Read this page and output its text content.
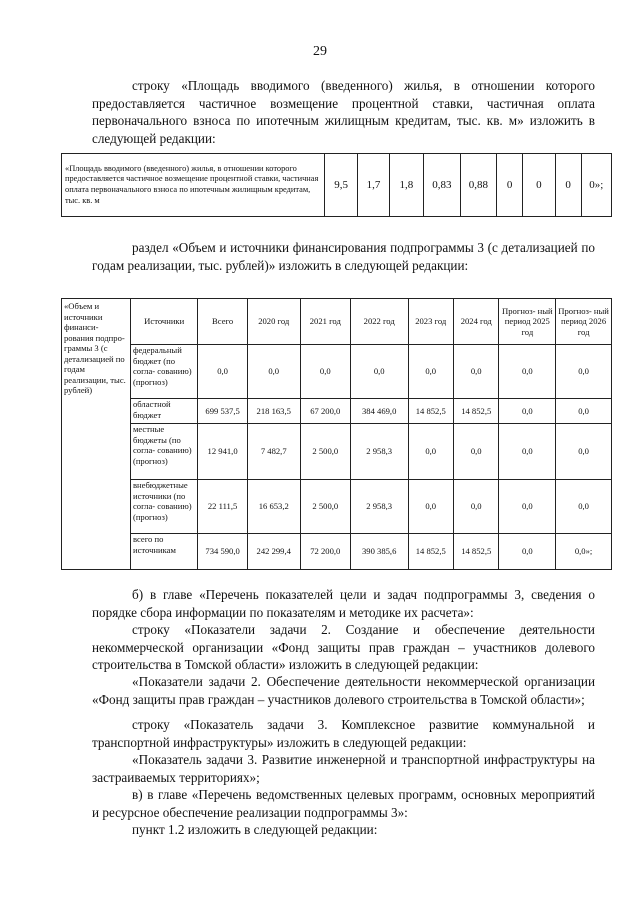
29
строку «Площадь вводимого (введенного) жилья, в отношении которого предоставляется частичное возмещение процентной ставки, частичная оплата первоначального взноса по ипотечным жилищным кредитам, тыс. кв. м» изложить в следующей редакции:
«Площадь вводимого (введенного) жилья, в отношении которого предоставляется частичное возмещение процентной ставки, частичная оплата первоначального взноса по ипотечным жилищным кредитам, тыс. кв. м	9,5	1,7	1,8	0,83	0,88	0	0	0	0»;
раздел «Объем и источники финансирования подпрограммы 3 (с детализацией по годам реализации, тыс. рублей)» изложить в следующей редакции:
«Объем и источники финанси- рования подпро- граммы 3 (с детализацией по годам реализации, тыс. рублей)	Источники	Всего	2020 год	2021 год	2022 год	2023 год	2024 год	Прогноз- ный период 2025 год	Прогноз- ный период 2026 год
	федеральный бюджет (по согла- сованию) (прогноз)	0,0	0,0	0,0	0,0	0,0	0,0	0,0	0,0
	областной бюджет	699 537,5	218 163,5	67 200,0	384 469,0	14 852,5	14 852,5	0,0	0,0
	местные бюджеты (по согла- сованию) (прогноз)	12 941,0	7 482,7	2 500,0	2 958,3	0,0	0,0	0,0	0,0
	внебюджетные источники (по согла- сованию) (прогноз)	22 111,5	16 653,2	2 500,0	2 958,3	0,0	0,0	0,0	0,0
	всего по источникам	734 590,0	242 299,4	72 200,0	390 385,6	14 852,5	14 852,5	0,0	0,0»;
б) в главе «Перечень показателей цели и задач подпрограммы 3, сведения о порядке сбора информации по показателям и методике их расчета»:
строку «Показатели задачи 2. Создание и обеспечение деятельности некоммерческой организации «Фонд защиты прав граждан – участников долевого строительства в Томской области» изложить в следующей редакции:
«Показатели задачи 2. Обеспечение деятельности некоммерческой организации «Фонд защиты прав граждан – участников долевого строительства в Томской области»;
строку «Показатель задачи 3. Комплексное развитие коммунальной и транспортной инфраструктуры» изложить в следующей редакции:
«Показатель задачи 3. Развитие инженерной и транспортной инфраструктуры на застраиваемых территориях»;
в) в главе «Перечень ведомственных целевых программ, основных мероприятий и ресурсное обеспечение реализации подпрограммы 3»:
пункт 1.2 изложить в следующей редакции:
